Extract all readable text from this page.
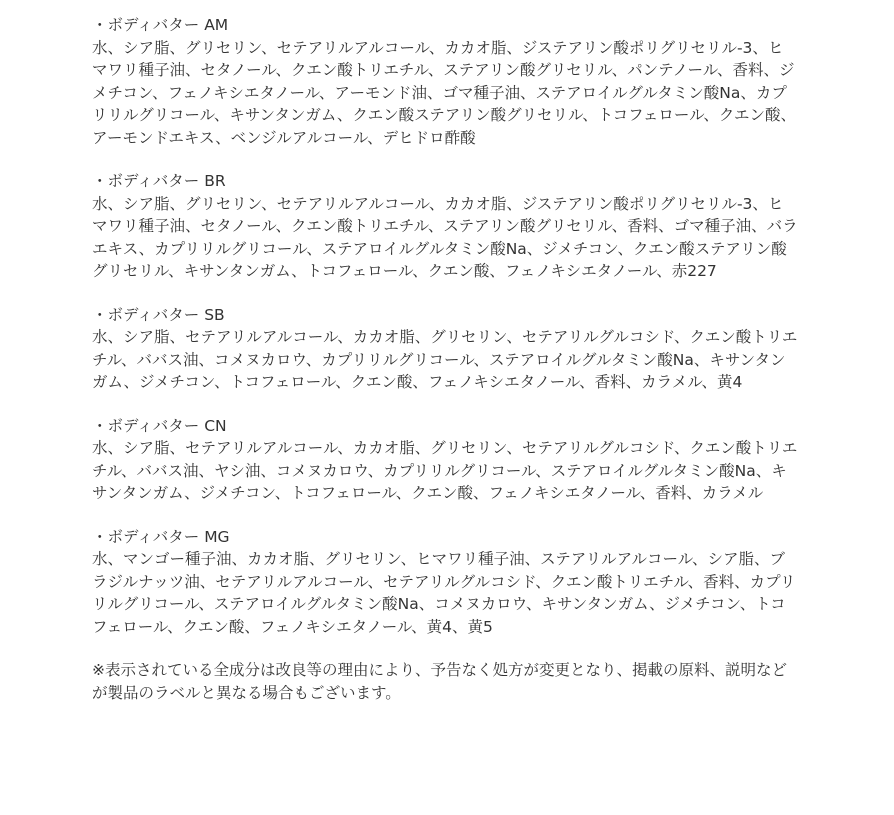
・ボディバター AM
水、シア脂、グリセリン、セテアリルアルコール、カカオ脂、ジステアリン酸ポリグリセリル-3、ヒマワリ種子油、セタノール、クエン酸トリエチル、ステアリン酸グリセリル、パンテノール、香料、ジメチコン、フェノキシエタノール、アーモンド油、ゴマ種子油、ステアロイルグルタミン酸Na、カプリリルグリコール、キサンタンガム、クエン酸ステアリン酸グリセリル、トコフェロール、クエン酸、アーモンドエキス、ベンジルアルコール、デヒドロ酢酸
・ボディバター BR
水、シア脂、グリセリン、セテアリルアルコール、カカオ脂、ジステアリン酸ポリグリセリル-3、ヒマワリ種子油、セタノール、クエン酸トリエチル、ステアリン酸グリセリル、香料、ゴマ種子油、バラエキス、カプリリルグリコール、ステアロイルグルタミン酸Na、ジメチコン、クエン酸ステアリン酸グリセリル、キサンタンガム、トコフェロール、クエン酸、フェノキシエタノール、赤227
・ボディバター SB
水、シア脂、セテアリルアルコール、カカオ脂、グリセリン、セテアリルグルコシド、クエン酸トリエチル、ババス油、コメヌカロウ、カプリリルグリコール、ステアロイルグルタミン酸Na、キサンタンガム、ジメチコン、トコフェロール、クエン酸、フェノキシエタノール、香料、カラメル、黄4
・ボディバター CN
水、シア脂、セテアリルアルコール、カカオ脂、グリセリン、セテアリルグルコシド、クエン酸トリエチル、ババス油、ヤシ油、コメヌカロウ、カプリリルグリコール、ステアロイルグルタミン酸Na、キサンタンガム、ジメチコン、トコフェロール、クエン酸、フェノキシエタノール、香料、カラメル
・ボディバター MG
水、マンゴー種子油、カカオ脂、グリセリン、ヒマワリ種子油、ステアリルアルコール、シア脂、ブラジルナッツ油、セテアリルアルコール、セテアリルグルコシド、クエン酸トリエチル、香料、カプリリルグリコール、ステアロイルグルタミン酸Na、コメヌカロウ、キサンタンガム、ジメチコン、トコフェロール、クエン酸、フェノキシエタノール、黄4、黄5
※表示されている全成分は改良等の理由により、予告なく処方が変更となり、掲載の原料、説明などが製品のラベルと異なる場合もございます。
